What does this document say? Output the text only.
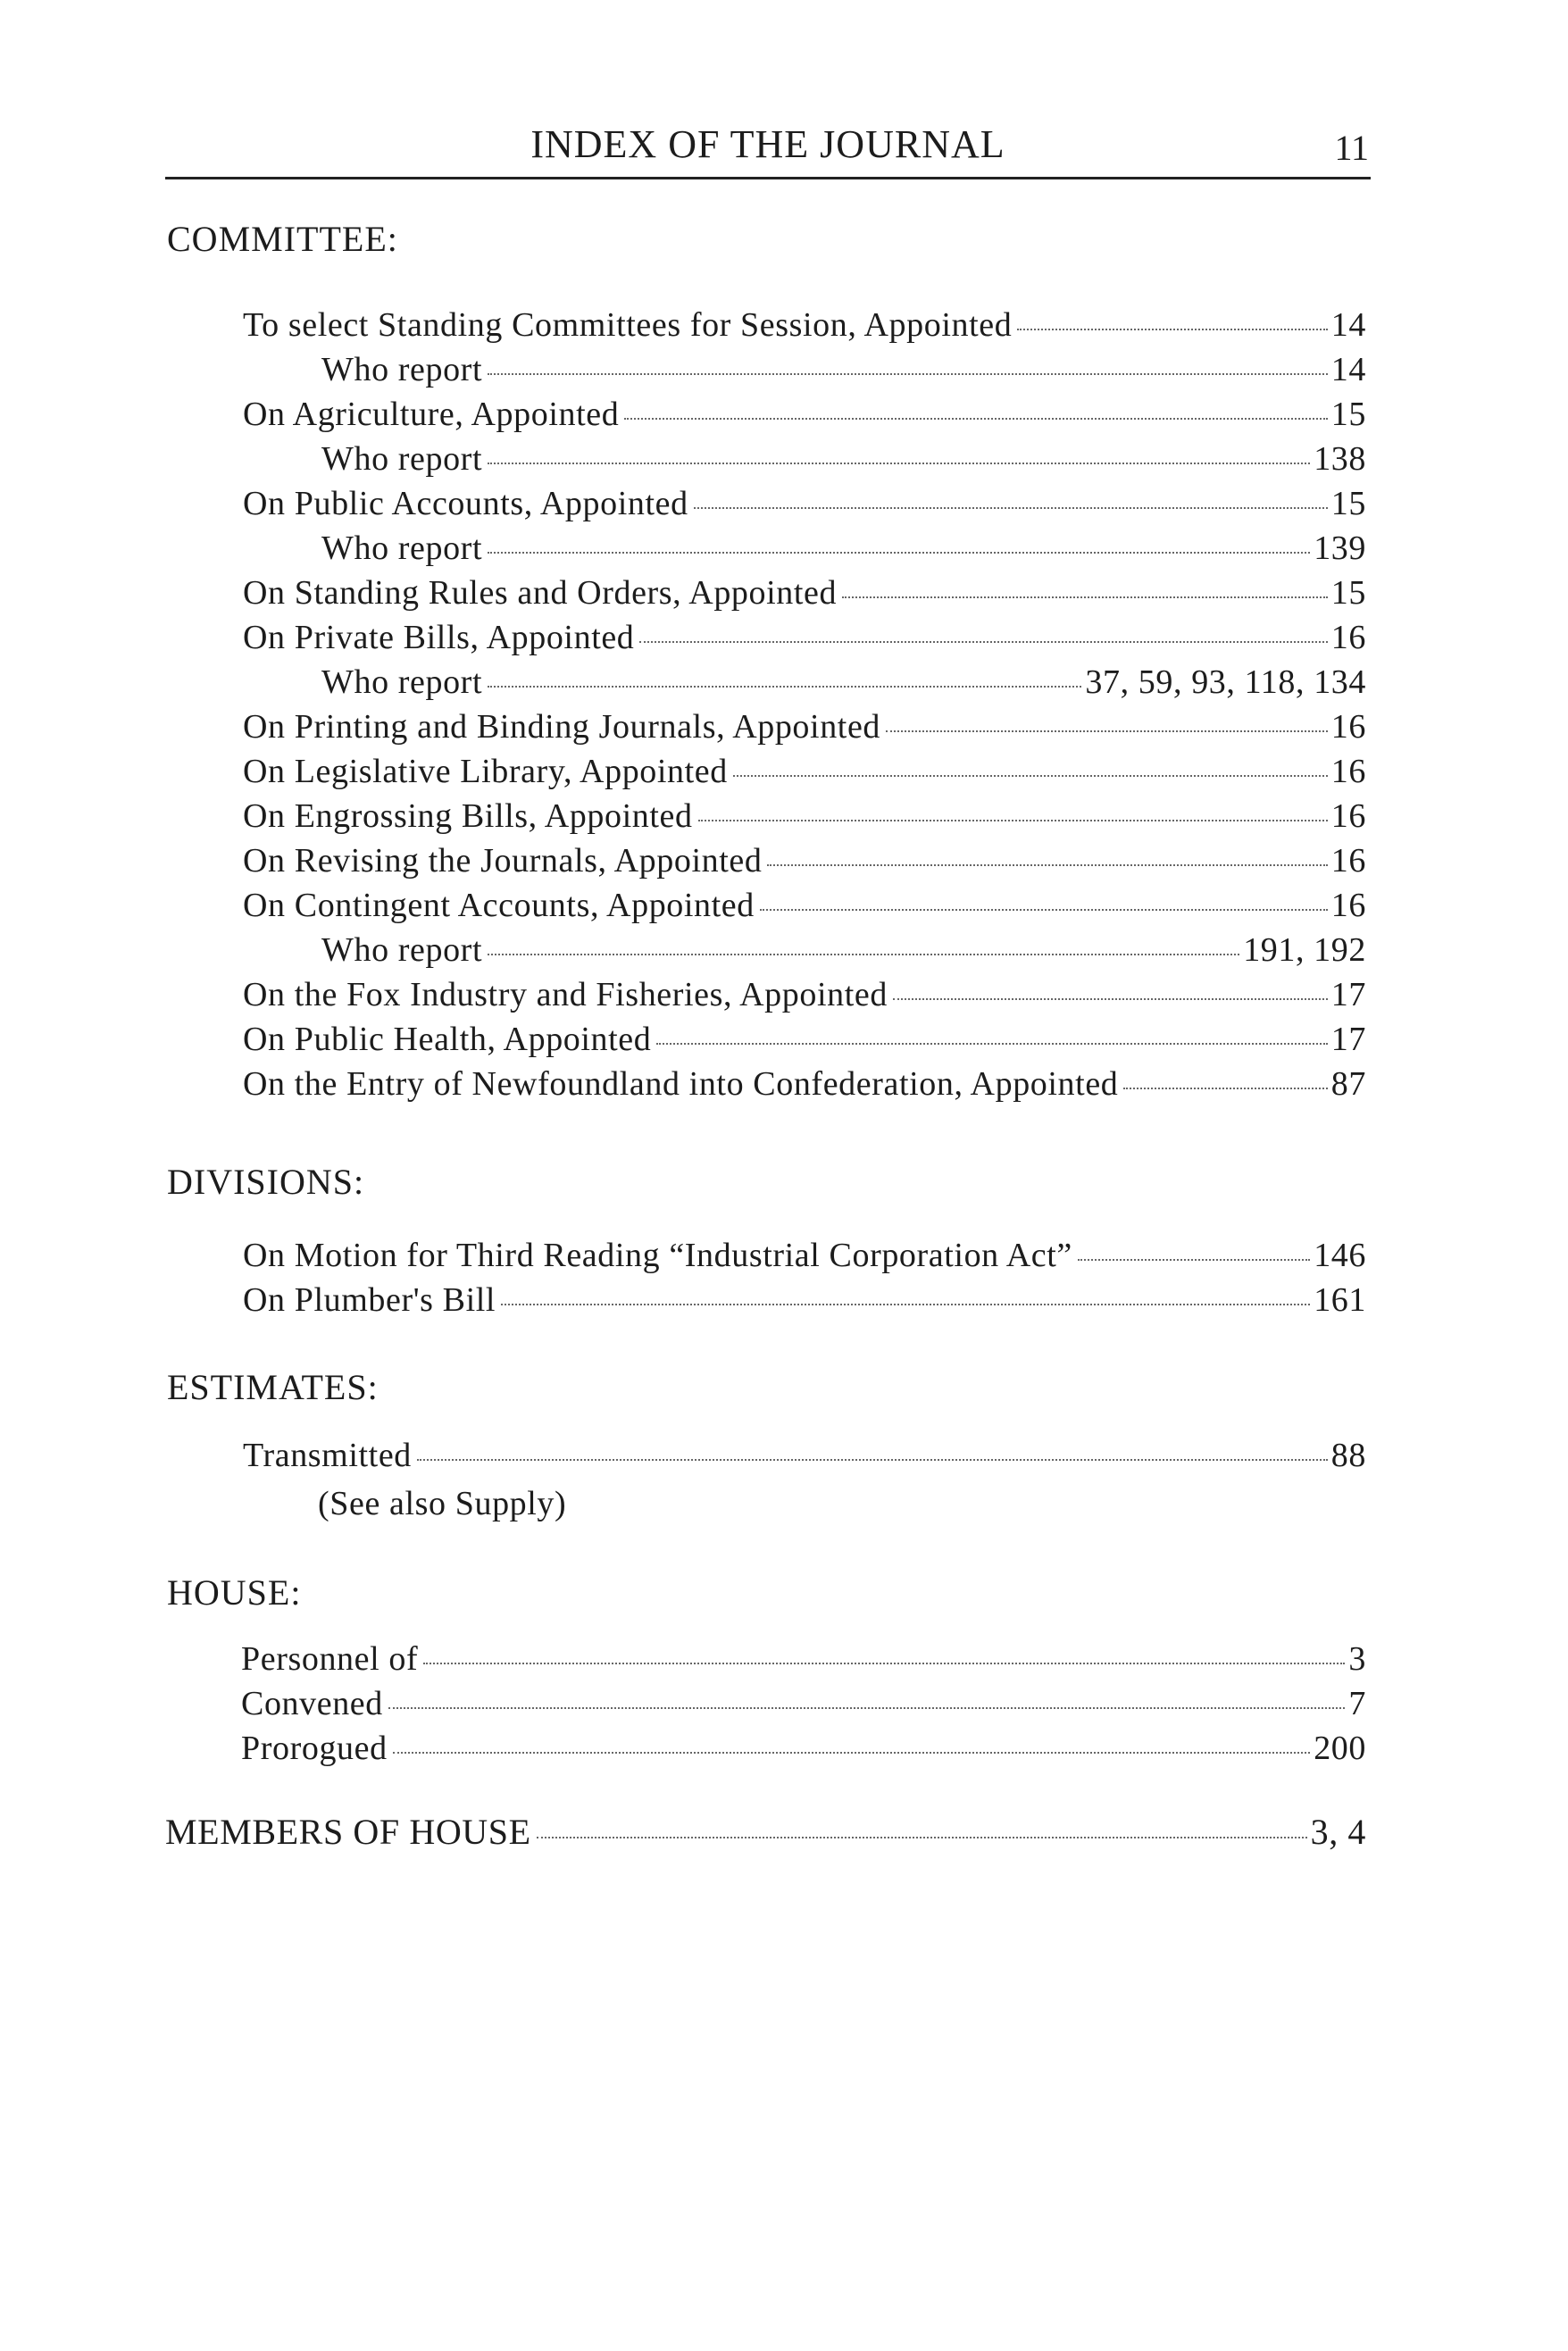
INDEX OF THE JOURNAL	11
COMMITTEE:
To select Standing Committees for Session, Appointed	14
Who report	14
On Agriculture, Appointed	15
Who report	138
On Public Accounts, Appointed	15
Who report	139
On Standing Rules and Orders, Appointed	15
On Private Bills, Appointed	16
Who report	37, 59, 93, 118, 134
On Printing and Binding Journals, Appointed	16
On Legislative Library, Appointed	16
On Engrossing Bills, Appointed	16
On Revising the Journals, Appointed	16
On Contingent Accounts, Appointed	16
Who report	191, 192
On the Fox Industry and Fisheries, Appointed	17
On Public Health, Appointed	17
On the Entry of Newfoundland into Confederation, Appointed	87
DIVISIONS:
On Motion for Third Reading “Industrial Corporation Act”	146
On Plumber's Bill	161
ESTIMATES:
Transmitted	88
(See also Supply)
HOUSE:
Personnel of	3
Convened	7
Prorogued	200
MEMBERS OF HOUSE	3, 4
